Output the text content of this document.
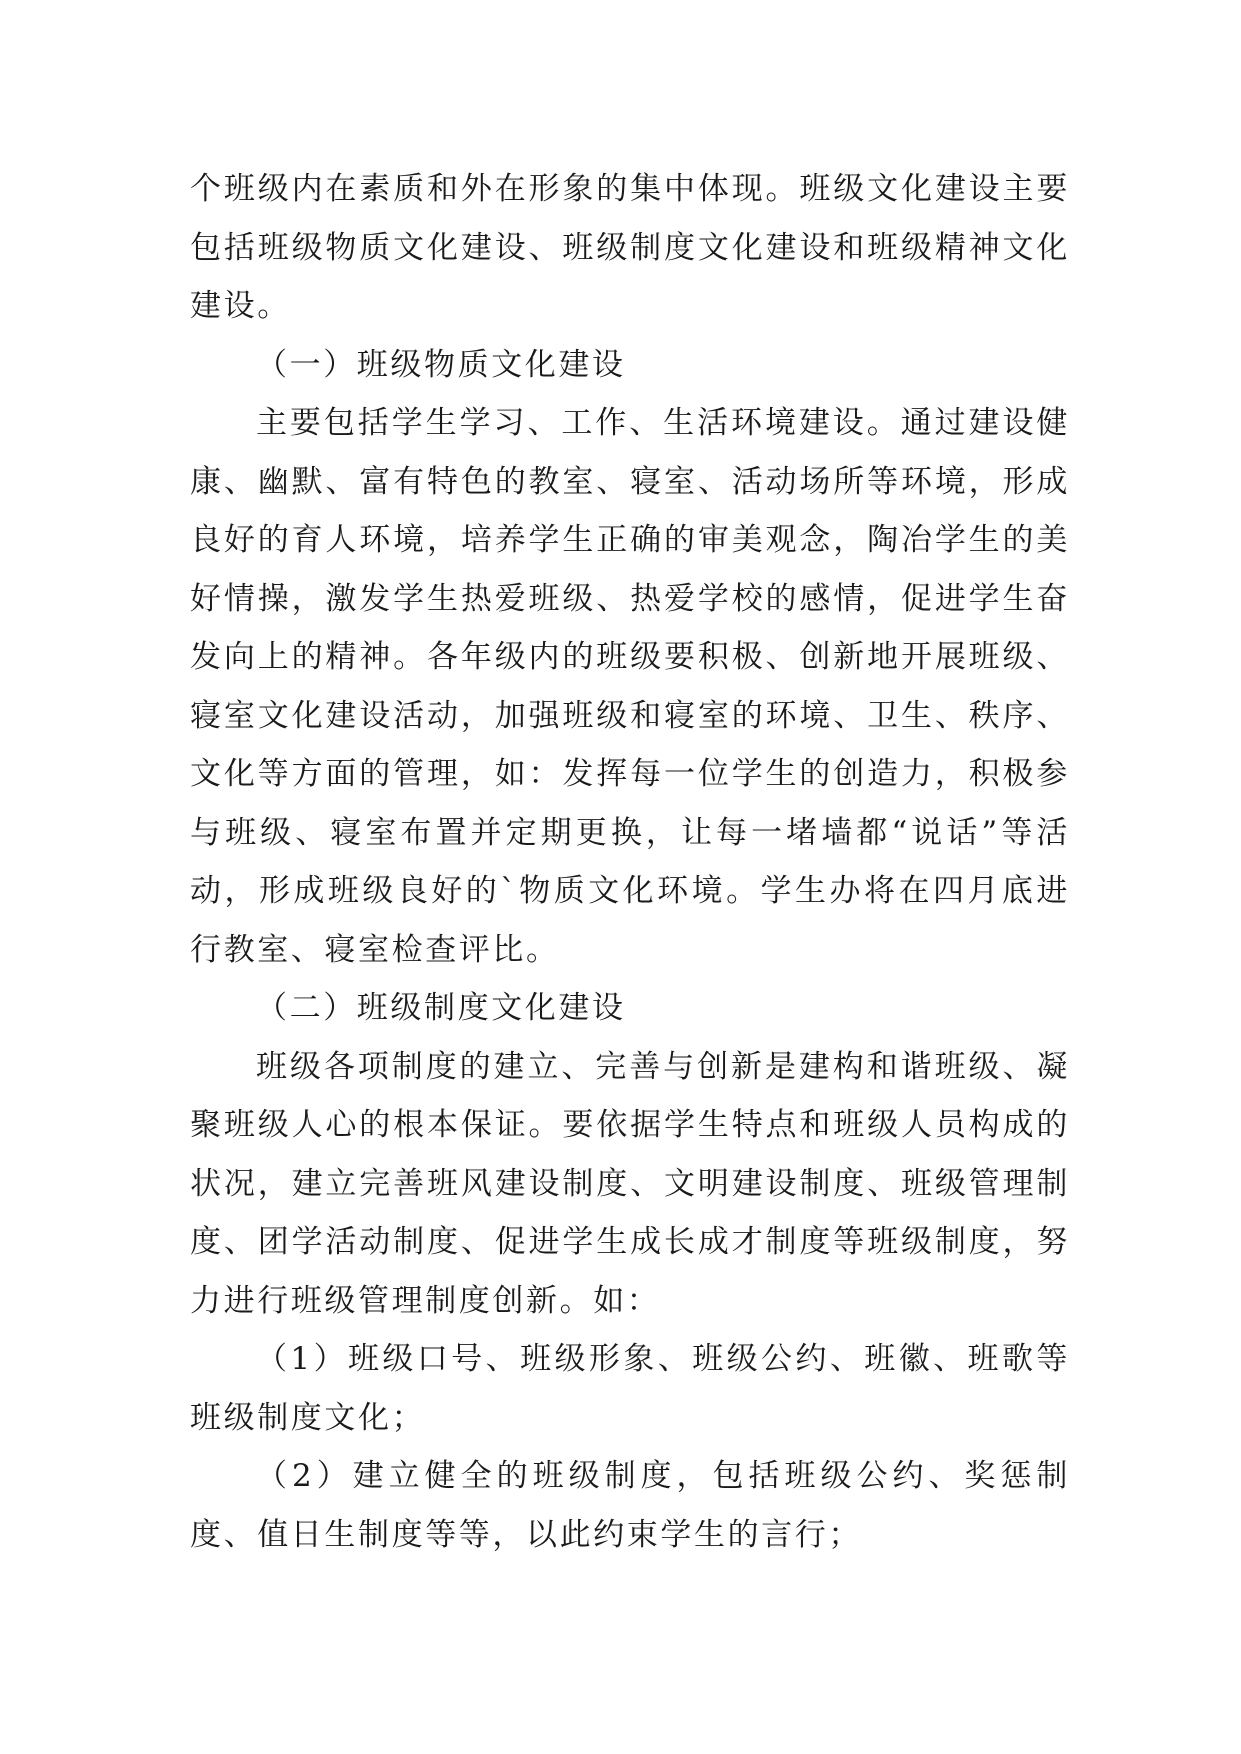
个班级内在素质和外在形象的集中体现。班级文化建设主要包括班级物质文化建设、班级制度文化建设和班级精神文化建设。

（一）班级物质文化建设

主要包括学生学习、工作、生活环境建设。通过建设健康、幽默、富有特色的教室、寝室、活动场所等环境，形成良好的育人环境，培养学生正确的审美观念，陶冶学生的美好情操，激发学生热爱班级、热爱学校的感情，促进学生奋发向上的精神。各年级内的班级要积极、创新地开展班级、寝室文化建设活动，加强班级和寝室的环境、卫生、秩序、文化等方面的管理，如：发挥每一位学生的创造力，积极参与班级、寝室布置并定期更换，让每一堵墙都“说话”等活动，形成班级良好的`物质文化环境。学生办将在四月底进行教室、寝室检查评比。

（二）班级制度文化建设

班级各项制度的建立、完善与创新是建构和谐班级、凝聚班级人心的根本保证。要依据学生特点和班级人员构成的状况，建立完善班风建设制度、文明建设制度、班级管理制度、团学活动制度、促进学生成长成才制度等班级制度，努力进行班级管理制度创新。如：

（1）班级口号、班级形象、班级公约、班徽、班歌等班级制度文化；

（2）建立健全的班级制度，包括班级公约、奖惩制度、值日生制度等等，以此约束学生的言行；
